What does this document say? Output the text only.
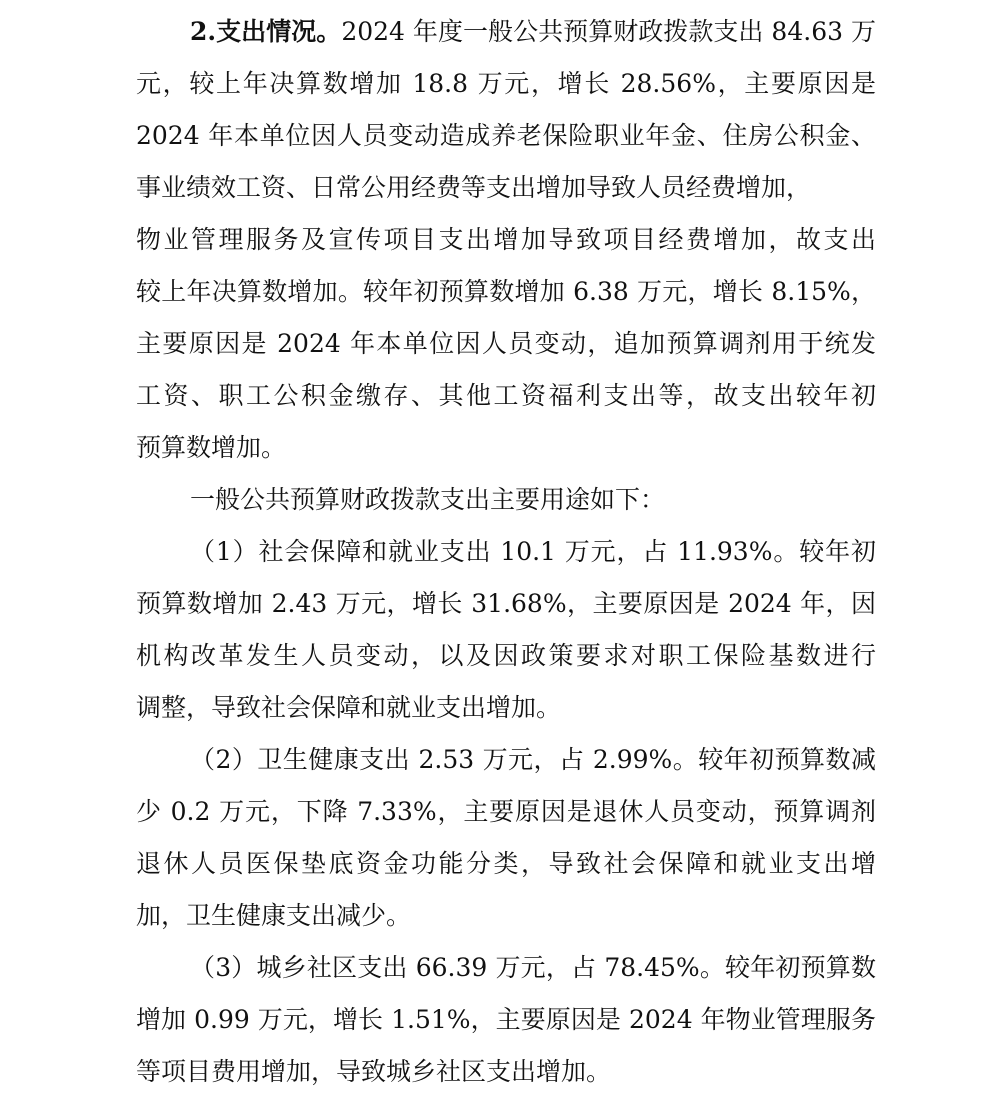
2.支出情况。2024 年度一般公共预算财政拨款支出 84.63 万
元，较上年决算数增加 18.8 万元，增长 28.56%，主要原因是
2024 年本单位因人员变动造成养老保险职业年金、住房公积金、
事业绩效工资、日常公用经费等支出增加导致人员经费增加，
物业管理服务及宣传项目支出增加导致项目经费增加，故支出
较上年决算数增加。较年初预算数增加 6.38 万元，增长 8.15%，
主要原因是 2024 年本单位因人员变动，追加预算调剂用于统发
工资、职工公积金缴存、其他工资福利支出等，故支出较年初
预算数增加。
一般公共预算财政拨款支出主要用途如下：
（1）社会保障和就业支出 10.1 万元，占 11.93%。较年初
预算数增加 2.43 万元，增长 31.68%，主要原因是 2024 年，因
机构改革发生人员变动，以及因政策要求对职工保险基数进行
调整，导致社会保障和就业支出增加。
（2）卫生健康支出 2.53 万元，占 2.99%。较年初预算数减
少 0.2 万元，下降 7.33%，主要原因是退休人员变动，预算调剂
退休人员医保垫底资金功能分类，导致社会保障和就业支出增
加，卫生健康支出减少。
（3）城乡社区支出 66.39 万元，占 78.45%。较年初预算数
增加 0.99 万元，增长 1.51%，主要原因是 2024 年物业管理服务
等项目费用增加，导致城乡社区支出增加。
